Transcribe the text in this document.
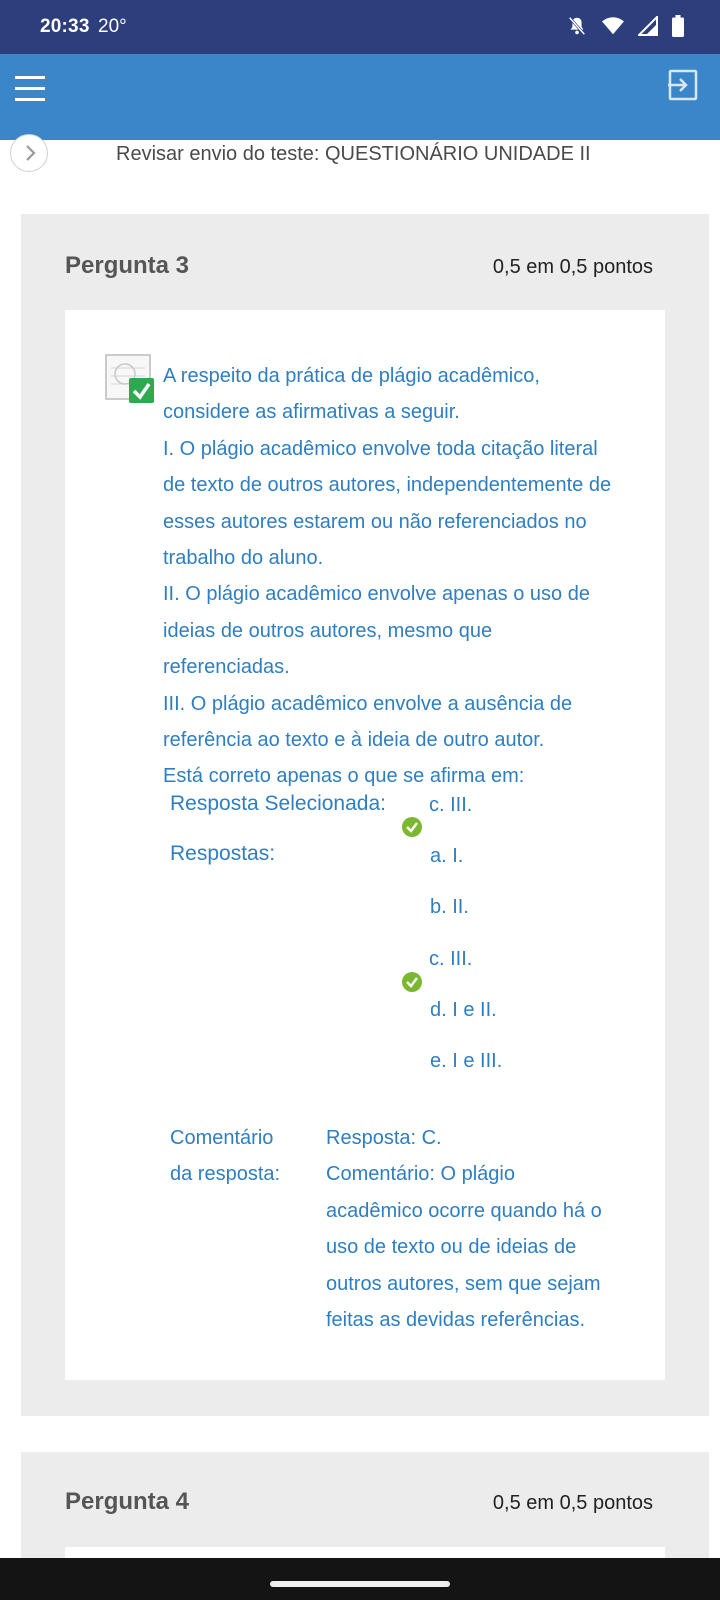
20:33 20°
Revisar envio do teste: QUESTIONÁRIO UNIDADE II
Pergunta 3	0,5 em 0,5 pontos
A respeito da prática de plágio acadêmico,
considere as afirmativas a seguir.
I. O plágio acadêmico envolve toda citação literal
de texto de outros autores, independentemente de
esses autores estarem ou não referenciados no
trabalho do aluno.
II. O plágio acadêmico envolve apenas o uso de
ideias de outros autores, mesmo que
referenciadas.
III. O plágio acadêmico envolve a ausência de
referência ao texto e à ideia de outro autor.
Está correto apenas o que se afirma em:
Resposta Selecionada: c. III.
Respostas:	a. I.
b. II.
c. III.
d. I e II.
e. I e III.
Comentário
da resposta:
Resposta: C.
Comentário: O plágio
acadêmico ocorre quando há o
uso de texto ou de ideias de
outros autores, sem que sejam
feitas as devidas referências.
Pergunta 4	0,5 em 0,5 pontos
